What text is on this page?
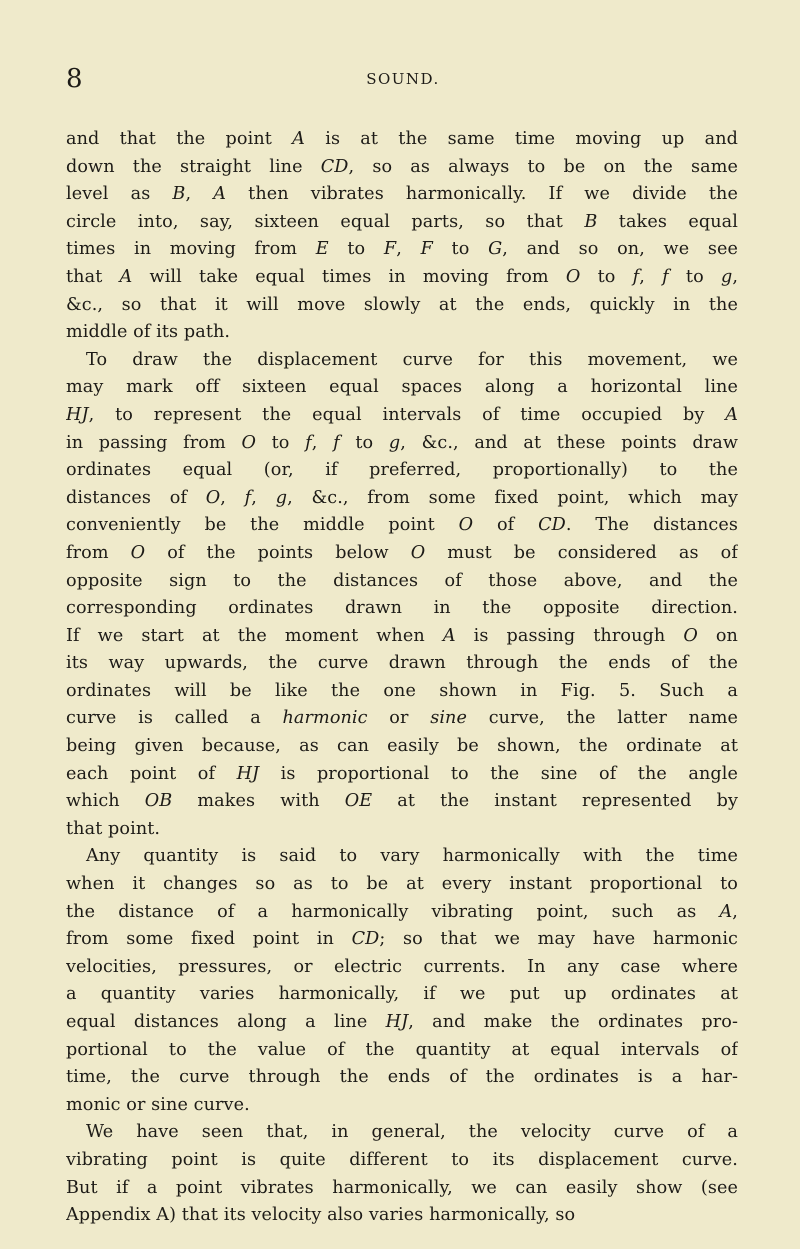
8	SOUND.
and that the point A is at the same time moving up and
down the straight line CD, so as always to be on the same
level as B, A then vibrates harmonically. If we divide the
circle into, say, sixteen equal parts, so that B takes equal
times in moving from E to F, F to G, and so on, we see
that A will take equal times in moving from O to f, f to g,
&c., so that it will move slowly at the ends, quickly in the
middle of its path.
To draw the displacement curve for this movement, we
may mark off sixteen equal spaces along a horizontal line
HJ, to represent the equal intervals of time occupied by A
in passing from O to f, f to g, &c., and at these points draw
ordinates equal (or, if preferred, proportionally) to the
distances of O, f, g, &c., from some fixed point, which may
conveniently be the middle point O of CD. The distances
from O of the points below O must be considered as of
opposite sign to the distances of those above, and the
corresponding ordinates drawn in the opposite direction.
If we start at the moment when A is passing through O on
its way upwards, the curve drawn through the ends of the
ordinates will be like the one shown in Fig. 5. Such a
curve is called a harmonic or sine curve, the latter name
being given because, as can easily be shown, the ordinate at
each point of HJ is proportional to the sine of the angle
which OB makes with OE at the instant represented by
that point.
Any quantity is said to vary harmonically with the time
when it changes so as to be at every instant proportional to
the distance of a harmonically vibrating point, such as A,
from some fixed point in CD; so that we may have harmonic
velocities, pressures, or electric currents. In any case where
a quantity varies harmonically, if we put up ordinates at
equal distances along a line HJ, and make the ordinates pro-
portional to the value of the quantity at equal intervals of
time, the curve through the ends of the ordinates is a har-
monic or sine curve.
We have seen that, in general, the velocity curve of a
vibrating point is quite different to its displacement curve.
But if a point vibrates harmonically, we can easily show (see
Appendix A) that its velocity also varies harmonically, so
